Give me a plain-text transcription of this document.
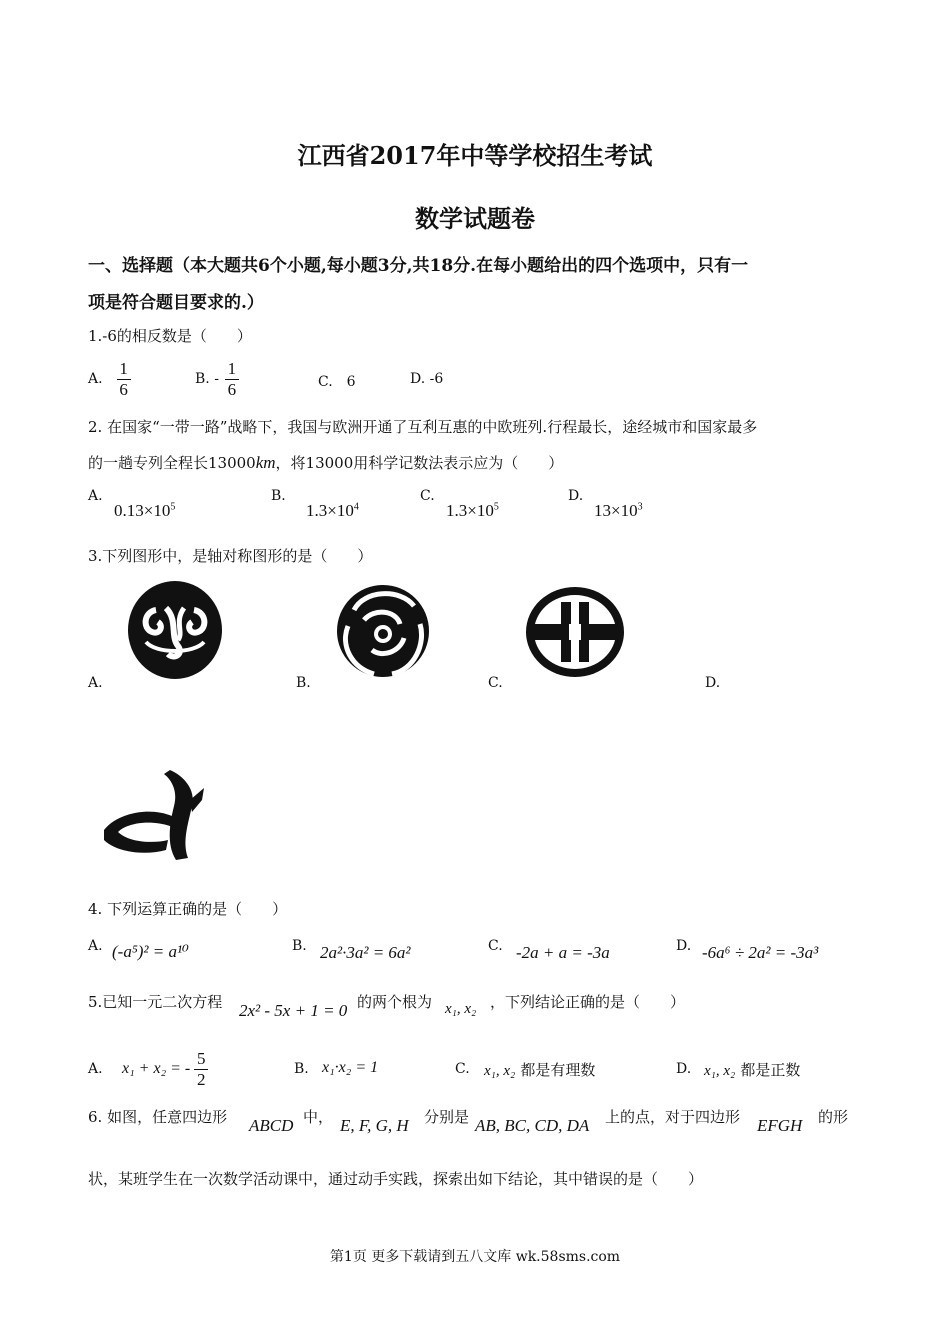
江西省2017年中等学校招生考试
数学试题卷
一、选择题（本大题共6个小题,每小题3分,共18分.在每小题给出的四个选项中，只有一
项是符合题目要求的.）
1.-6的相反数是（　　）
A. $\frac{1}{6}$	B. - $\frac{1}{6}$	C.　6	D. -6
2. 在国家“一带一路”战略下，我国与欧洲开通了互利互惠的中欧班列.行程最长，途经城市和国家最多
的一趟专列全程长13000km，将13000用科学记数法表示应为（　　）
A.
$0.13\times 10^5$
B.
$1.3\times 10^4$
C.
$1.3\times 10^5$
D.
$13\times 10^3$
3.下列图形中，是轴对称图形的是（　　）
A.	B.	C.	D.
4. 下列运算正确的是（　　）
A. (-a⁵)² = a¹⁰	B. 2a²·3a² = 6a²	C. -2a + a = -3a	D. -6a⁶ ÷ 2a² = -3a³
5.已知一元二次方程 2x² - 5x + 1 = 0 的两个根为 x₁, x₂ ，下列结论正确的是（　　）
A. x₁ + x₂ = - $\frac{5}{2}$	B. x₁·x₂ = 1	C. x₁, x₂ 都是有理数	D. x₁, x₂ 都是正数
6. 如图，任意四边形 ABCD 中， E, F, G, H 分别是 AB, BC, CD, DA 上的点，对于四边形 EFGH 的形
状，某班学生在一次数学活动课中，通过动手实践，探索出如下结论，其中错误的是（　　）
第1页 更多下载请到五八文库 wk.58sms.com
